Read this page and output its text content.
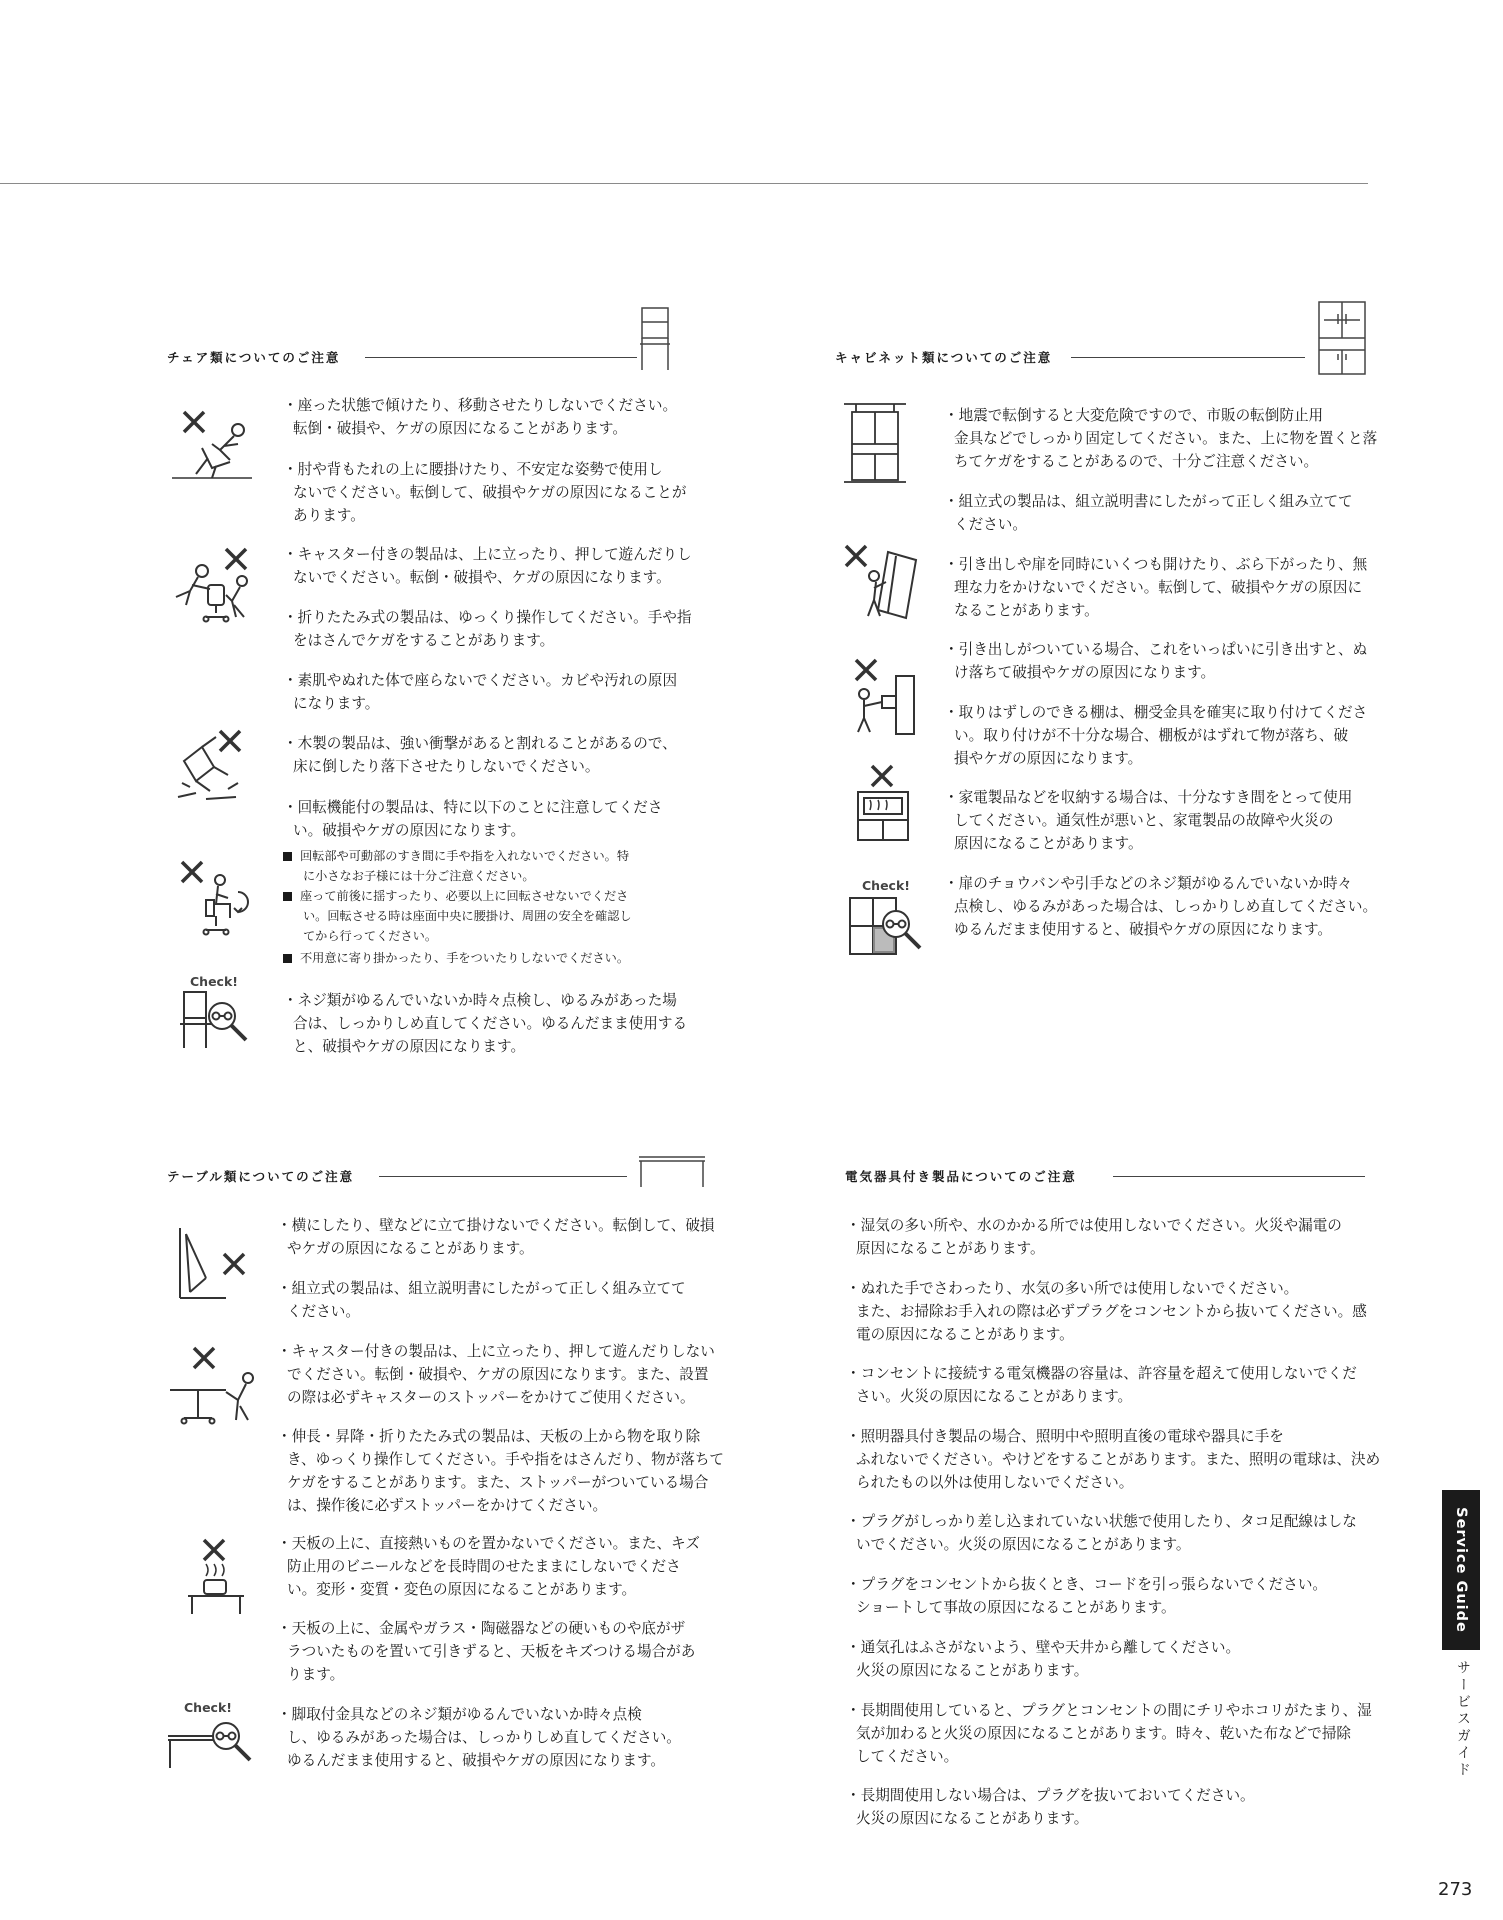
チェア類についてのご注意
Check!
・座った状態で傾けたり、移動させたりしないでください。
転倒・破損や、ケガの原因になることがあります。
・肘や背もたれの上に腰掛けたり、不安定な姿勢で使用し
ないでください。転倒して、破損やケガの原因になることが
あります。
・キャスター付きの製品は、上に立ったり、押して遊んだりし
ないでください。転倒・破損や、ケガの原因になります。
・折りたたみ式の製品は、ゆっくり操作してください。手や指
をはさんでケガをすることがあります。
・素肌やぬれた体で座らないでください。カビや汚れの原因
になります。
・木製の製品は、強い衝撃があると割れることがあるので、
床に倒したり落下させたりしないでください。
・回転機能付の製品は、特に以下のことに注意してくださ
い。破損やケガの原因になります。
回転部や可動部のすき間に手や指を入れないでください。特
に小さなお子様には十分ご注意ください。
座って前後に揺すったり、必要以上に回転させないでくださ
い。回転させる時は座面中央に腰掛け、周囲の安全を確認し
てから行ってください。
不用意に寄り掛かったり、手をついたりしないでください。
・ネジ類がゆるんでいないか時々点検し、ゆるみがあった場
合は、しっかりしめ直してください。ゆるんだまま使用する
と、破損やケガの原因になります。
キャビネット類についてのご注意
Check!
・地震で転倒すると大変危険ですので、市販の転倒防止用
金具などでしっかり固定してください。また、上に物を置くと落
ちてケガをすることがあるので、十分ご注意ください。
・組立式の製品は、組立説明書にしたがって正しく組み立てて
ください。
・引き出しや扉を同時にいくつも開けたり、ぶら下がったり、無
理な力をかけないでください。転倒して、破損やケガの原因に
なることがあります。
・引き出しがついている場合、これをいっぱいに引き出すと、ぬ
け落ちて破損やケガの原因になります。
・取りはずしのできる棚は、棚受金具を確実に取り付けてくださ
い。取り付けが不十分な場合、棚板がはずれて物が落ち、破
損やケガの原因になります。
・家電製品などを収納する場合は、十分なすき間をとって使用
してください。通気性が悪いと、家電製品の故障や火災の
原因になることがあります。
・扉のチョウバンや引手などのネジ類がゆるんでいないか時々
点検し、ゆるみがあった場合は、しっかりしめ直してください。
ゆるんだまま使用すると、破損やケガの原因になります。
テーブル類についてのご注意
Check!
・横にしたり、壁などに立て掛けないでください。転倒して、破損
やケガの原因になることがあります。
・組立式の製品は、組立説明書にしたがって正しく組み立てて
ください。
・キャスター付きの製品は、上に立ったり、押して遊んだりしない
でください。転倒・破損や、ケガの原因になります。また、設置
の際は必ずキャスターのストッパーをかけてご使用ください。
・伸長・昇降・折りたたみ式の製品は、天板の上から物を取り除
き、ゆっくり操作してください。手や指をはさんだり、物が落ちて
ケガをすることがあります。また、ストッパーがついている場合
は、操作後に必ずストッパーをかけてください。
・天板の上に、直接熱いものを置かないでください。また、キズ
防止用のビニールなどを長時間のせたままにしないでくださ
い。変形・変質・変色の原因になることがあります。
・天板の上に、金属やガラス・陶磁器などの硬いものや底がザ
ラついたものを置いて引きずると、天板をキズつける場合があ
ります。
・脚取付金具などのネジ類がゆるんでいないか時々点検
し、ゆるみがあった場合は、しっかりしめ直してください。
ゆるんだまま使用すると、破損やケガの原因になります。
電気器具付き製品についてのご注意
・湿気の多い所や、水のかかる所では使用しないでください。火災や漏電の
原因になることがあります。
・ぬれた手でさわったり、水気の多い所では使用しないでください。
また、お掃除お手入れの際は必ずプラグをコンセントから抜いてください。感
電の原因になることがあります。
・コンセントに接続する電気機器の容量は、許容量を超えて使用しないでくだ
さい。火災の原因になることがあります。
・照明器具付き製品の場合、照明中や照明直後の電球や器具に手を
ふれないでください。やけどをすることがあります。また、照明の電球は、決め
られたもの以外は使用しないでください。
・プラグがしっかり差し込まれていない状態で使用したり、タコ足配線はしな
いでください。火災の原因になることがあります。
・プラグをコンセントから抜くとき、コードを引っ張らないでください。
ショートして事故の原因になることがあります。
・通気孔はふさがないよう、壁や天井から離してください。
火災の原因になることがあります。
・長期間使用していると、プラグとコンセントの間にチリやホコリがたまり、湿
気が加わると火災の原因になることがあります。時々、乾いた布などで掃除
してください。
・長期間使用しない場合は、プラグを抜いておいてください。
火災の原因になることがあります。
Service Guide
サービスガイド
273
